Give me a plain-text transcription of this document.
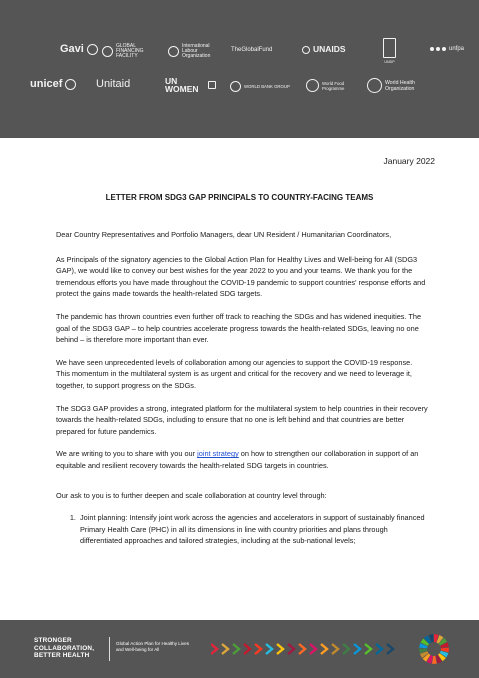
Gavi	GLOBAL FINANCING FACILITY
International Labour Organization
TheGlobalFund	UNAIDS
UNDP
unfpa
unicef	Unitaid	UN WOMEN	WORLD BANK GROUP
World Food Programme
World Health Organization
January 2022
LETTER FROM SDG3 GAP PRINCIPALS TO COUNTRY-FACING TEAMS

Dear Country Representatives and Portfolio Managers, dear UN Resident / Humanitarian Coordinators,

As Principals of the signatory agencies to the Global Action Plan for Healthy Lives and Well-being for All (SDG3 GAP), we would like to convey our best wishes for the year 2022 to you and your teams. We thank you for the tremendous efforts you have made throughout the COVID-19 pandemic to support countries' response efforts and protect the gains made towards the health-related SDG targets.

The pandemic has thrown countries even further off track to reaching the SDGs and has widened inequities. The goal of the SDG3 GAP – to help countries accelerate progress towards the health-related SDGs, leaving no one behind – is therefore more important than ever.

We have seen unprecedented levels of collaboration among our agencies to support the COVID-19 response. This momentum in the multilateral system is as urgent and critical for the recovery and we need to leverage it, together, to support progress on the SDGs.

The SDG3 GAP provides a strong, integrated platform for the multilateral system to help countries in their recovery towards the health-related SDGs, including to ensure that no one is left behind and that countries are better prepared for future pandemics.

We are writing to you to share with you our joint strategy on how to strengthen our collaboration in support of an equitable and resilient recovery towards the health-related SDG targets in countries.

Our ask to you is to further deepen and scale collaboration at country level through:

1. Joint planning: Intensify joint work across the agencies and accelerators in support of sustainably financed Primary Health Care (PHC) in all its dimensions in line with country priorities and plans through differentiated approaches and tailored strategies, including at the sub-national levels;
STRONGER
COLLABORATION,
BETTER HEALTH
Global Action Plan for Healthy Lives and Well-being for All
